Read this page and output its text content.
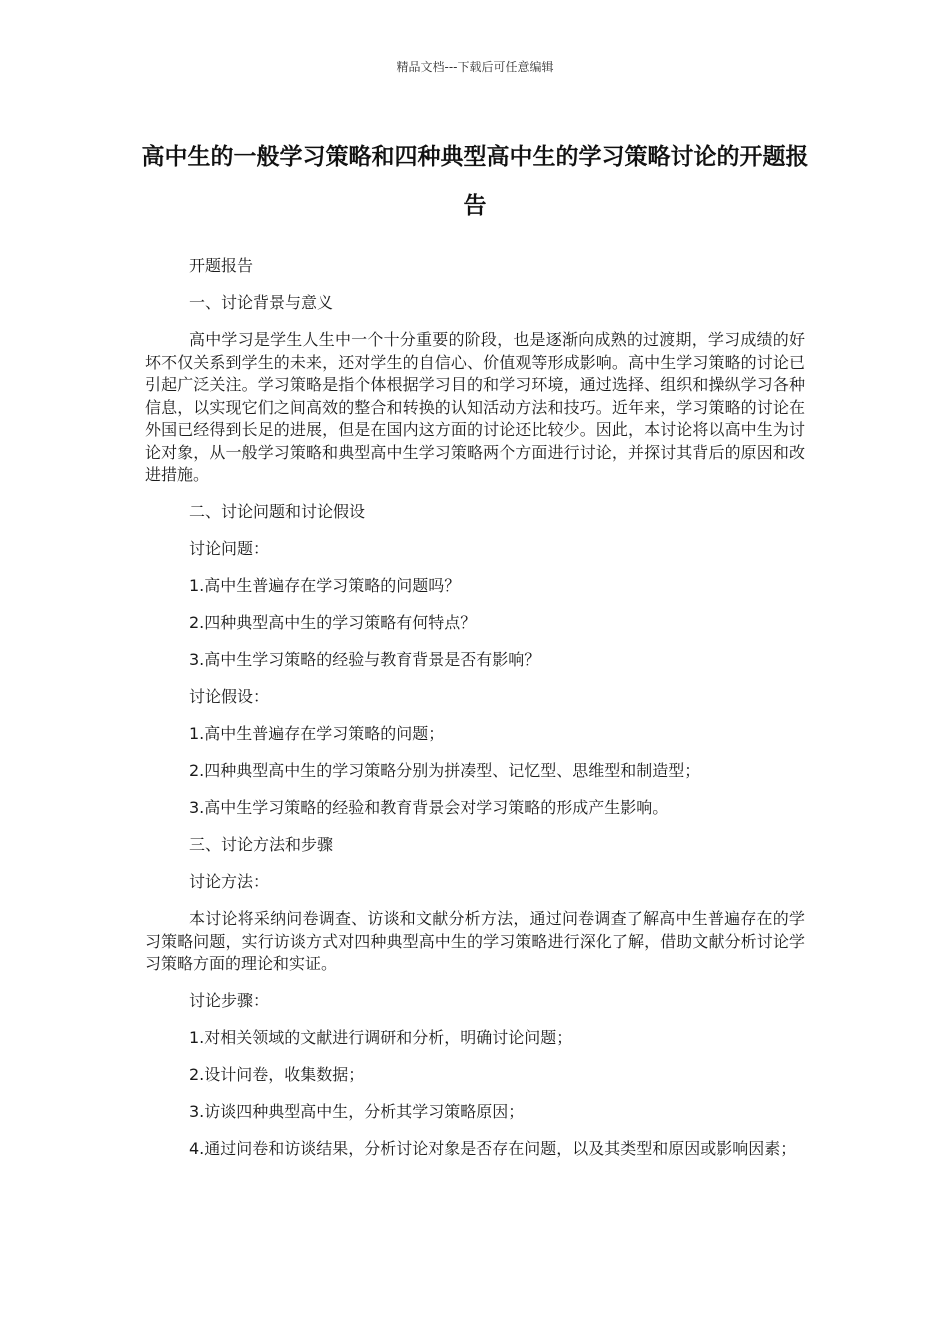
精品文档---下载后可任意编辑
高中生的一般学习策略和四种典型高中生的学习策略讨论的开题报告

开题报告

一、讨论背景与意义

高中学习是学生人生中一个十分重要的阶段，也是逐渐向成熟的过渡期，学习成绩的好坏不仅关系到学生的未来，还对学生的自信心、价值观等形成影响。高中生学习策略的讨论已引起广泛关注。学习策略是指个体根据学习目的和学习环境，通过选择、组织和操纵学习各种信息，以实现它们之间高效的整合和转换的认知活动方法和技巧。近年来，学习策略的讨论在外国已经得到长足的进展，但是在国内这方面的讨论还比较少。因此，本讨论将以高中生为讨论对象，从一般学习策略和典型高中生学习策略两个方面进行讨论，并探讨其背后的原因和改进措施。

二、讨论问题和讨论假设

讨论问题：

1.高中生普遍存在学习策略的问题吗？

2.四种典型高中生的学习策略有何特点？

3.高中生学习策略的经验与教育背景是否有影响？

讨论假设：

1.高中生普遍存在学习策略的问题；

2.四种典型高中生的学习策略分别为拼凑型、记忆型、思维型和制造型；

3.高中生学习策略的经验和教育背景会对学习策略的形成产生影响。

三、讨论方法和步骤

讨论方法：

本讨论将采纳问卷调查、访谈和文献分析方法，通过问卷调查了解高中生普遍存在的学习策略问题，实行访谈方式对四种典型高中生的学习策略进行深化了解，借助文献分析讨论学习策略方面的理论和实证。

讨论步骤：

1.对相关领域的文献进行调研和分析，明确讨论问题；

2.设计问卷，收集数据；

3.访谈四种典型高中生，分析其学习策略原因；

4.通过问卷和访谈结果，分析讨论对象是否存在问题，以及其类型和原因或影响因素；
